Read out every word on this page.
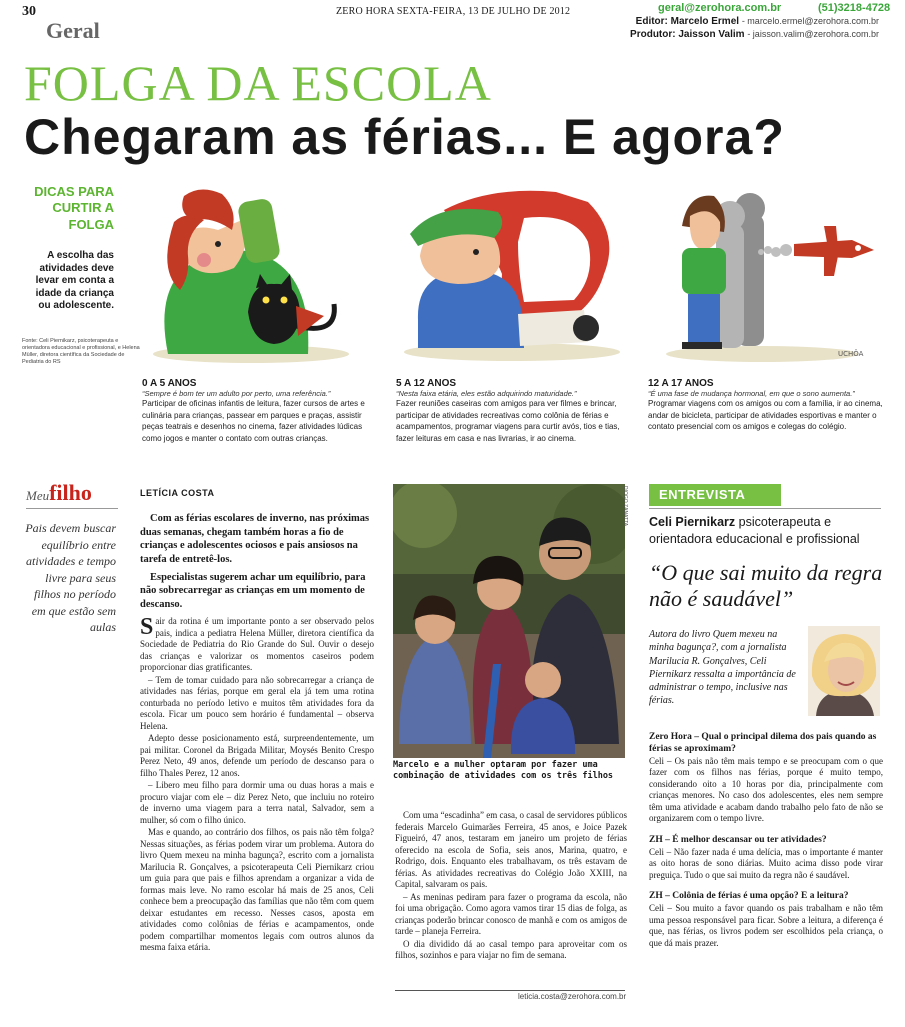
30
Geral
ZERO HORA SEXTA-FEIRA, 13 DE JULHO DE 2012	geral@zerohora.com.br	(51)3218-4728
Editor: Marcelo Ermel - marcelo.ermel@zerohora.com.br
Produtor: Jaisson Valim - jaisson.valim@zerohora.com.br
FOLGA DA ESCOLA
Chegaram as férias... E agora?
DICAS PARA CURTIR A FOLGA
A escolha das atividades deve levar em conta a idade da criança ou adolescente.
Fonte: Celi Piernikarz, psicoterapeuta e orientadora educacional e profissional, e Helena Müller, diretora científica da Sociedade de Pediatria do RS
UCHÔA
0 A 5 ANOS
“Sempre é bom ter um adulto por perto, uma referência.”
Participar de oficinas infantis de leitura, fazer cursos de artes e culinária para crianças, passear em parques e praças, assistir peças teatrais e desenhos no cinema, fazer atividades lúdicas como jogos e manter o contato com outras crianças.
5 A 12 ANOS
“Nesta faixa etária, eles estão adquirindo maturidade.”
Fazer reuniões caseiras com amigos para ver filmes e brincar, participar de atividades recreativas como colônia de férias e acampamentos, programar viagens para curtir avós, tios e tias, fazer leituras em casa e nas livrarias, ir ao cinema.
12 A 17 ANOS
“É uma fase de mudança hormonal, em que o sono aumenta.”
Programar viagens com os amigos ou com a família, ir ao cinema, andar de bicicleta, participar de atividades esportivas e manter o contato presencial com os amigos e colegas do colégio.
Meufilho
Pais devem buscar equilíbrio entre atividades e tempo livre para seus filhos no período em que estão sem aulas
LETÍCIA COSTA

Com as férias escolares de inverno, nas próximas duas semanas, chegam também horas a fio de crianças e adolescentes ociosos e pais ansiosos na tarefa de entretê-los.

Especialistas sugerem achar um equilíbrio, para não sobrecarregar as crianças em um momento de descanso.

Sair da rotina é um importante ponto a ser observado pelos pais, indica a pediatra Helena Müller, diretora científica da Sociedade de Pediatria do Rio Grande do Sul. Ouvir o desejo das crianças e valorizar os momentos caseiros podem proporcionar dias gratificantes.

– Tem de tomar cuidado para não sobrecarregar a criança de atividades nas férias, porque em geral ela já tem uma rotina conturbada no período letivo e muitos têm atividades fora da escola. Ficar um pouco sem horário é fundamental – observa Helena.

Adepto desse posicionamento está, surpreendentemente, um pai militar. Coronel da Brigada Militar, Moysés Benito Crespo Perez Neto, 49 anos, defende um período de descanso para o filho Thales Perez, 12 anos.

– Libero meu filho para dormir uma ou duas horas a mais e procuro viajar com ele – diz Perez Neto, que incluiu no roteiro de inverno uma viagem para a terra natal, Salvador, sem a mulher, só com o filho único.

Mas e quando, ao contrário dos filhos, os pais não têm folga? Nessas situações, as férias podem virar um problema. Autora do livro Quem mexeu na minha bagunça?, escrito com a jornalista Marilucia R. Gonçalves, a psicoterapeuta Celi Piernikarz criou um guia para que pais e filhos aprendam a organizar a vida de formas mais leve. No ramo escolar há mais de 25 anos, Celi conhece bem a preocupação das famílias que não têm com quem deixar estudantes em recesso. Nesses casos, aposta em atividades como colônias de férias e acampamentos, onde podem compartilhar momentos legais com outros alunos da mesma faixa etária.

DIOGO ZANATTA
Marcelo e a mulher optaram por fazer uma combinação de atividades com os três filhos

Com uma “escadinha” em casa, o casal de servidores públicos federais Marcelo Guimarães Ferreira, 45 anos, e Joice Pazek Figueiró, 47 anos, testaram em janeiro um projeto de férias oferecido na escola de Sofia, seis anos, Marina, quatro, e Rodrigo, dois. Enquanto eles trabalhavam, os três estavam de férias. As atividades recreativas do Colégio João XXIII, na Capital, salvaram os pais.

– As meninas pediram para fazer o programa da escola, não foi uma obrigação. Como agora vamos tirar 15 dias de folga, as crianças poderão brincar conosco de manhã e com os amigos de tarde – planeja Ferreira.

O dia dividido dá ao casal tempo para aproveitar com os filhos, sozinhos e para viajar no fim de semana.

leticia.costa@zerohora.com.br
ENTREVISTA
Celi Piernikarz psicoterapeuta e orientadora educacional e profissional
“O que sai muito da regra não é saudável”
Autora do livro Quem mexeu na minha bagunça?, com a jornalista Marilucia R. Gonçalves, Celi Piernikarz ressalta a importância de administrar o tempo, inclusive nas férias.
Zero Hora – Qual o principal dilema dos pais quando as férias se aproximam?
Celi – Os pais não têm mais tempo e se preocupam com o que fazer com os filhos nas férias, porque é muito tempo, considerando oito a 10 horas por dia, principalmente com crianças menores. No caso dos adolescentes, eles nem sempre têm uma atividade e acabam dando trabalho pelo fato de não se organizarem com o tempo livre.
ZH – É melhor descansar ou ter atividades?
Celi – Não fazer nada é uma delícia, mas o importante é manter as oito horas de sono diárias. Muito acima disso pode virar preguiça. Tudo o que sai muito da regra não é saudável.
ZH – Colônia de férias é uma opção? E a leitura?
Celi – Sou muito a favor quando os pais trabalham e não têm uma pessoa responsável para ficar. Sobre a leitura, a diferença é que, nas férias, os livros podem ser escolhidos pela criança, o que dá mais prazer.
